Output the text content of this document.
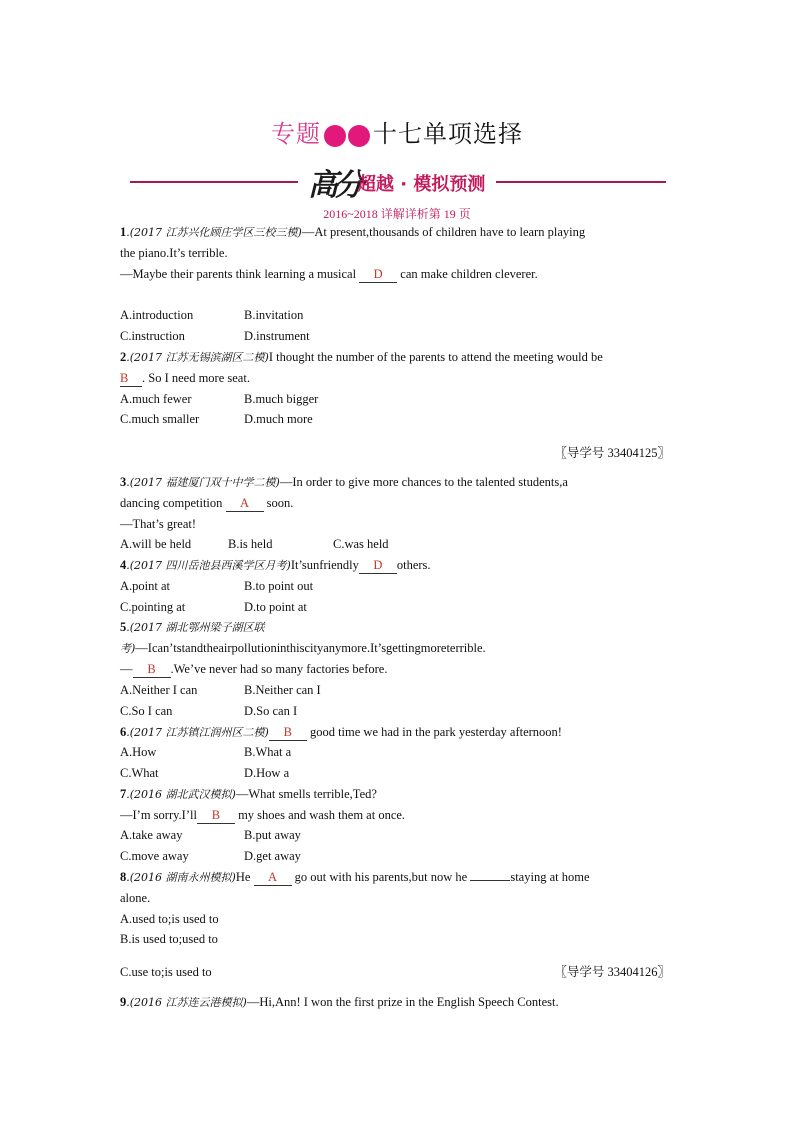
专题 十七单项选择
高分
超越 · 模拟预测
2016~2018 详解详析第 19 页
1.(2017 江苏兴化顾庄学区三校三模)—At present,thousands of children have to learn playing
the piano.It’s terrible.
—Maybe their parents think learning a musical D can make children cleverer.
A.introduction	B.invitation
C.instruction	D.instrument
2.(2017 江苏无锡滨湖区二模)I thought the number of the parents to attend the meeting would be
B . So I need more seat.
A.much fewer	B.much bigger
C.much smaller	D.much more
〖导学号 33404125〗
3.(2017 福建厦门双十中学二模)—In order to give more chances to the talented students,a
dancing competition A soon.
—That’s great!
A.will be held	B.is held	C.was held
4.(2017 四川岳池县西溪学区月考)It’sunfriendly D others.
A.point at	B.to point out
C.pointing at	D.to point at
5.(2017 湖北鄂州梁子湖区联
考)—Ican’tstandtheairpollutioninthiscityanymore.It’sgettingmoreterrible.
— B .We’ve never had so many factories before.
A.Neither I can	B.Neither can I
C.So I can	D.So can I
6.(2017 江苏镇江润州区二模) B good time we had in the park yesterday afternoon!
A.How	B.What a
C.What	D.How a
7.(2016 湖北武汉模拟)—What smells terrible,Ted?
—I’m sorry.I’ll B my shoes and wash them at once.
A.take away	B.put away
C.move away	D.get away
8.(2016 湖南永州模拟)He A go out with his parents,but now he	staying at home
alone.
A.used to;is used to
B.is used to;used to
C.use to;is used to	〖导学号 33404126〗
9.(2016 江苏连云港模拟)—Hi,Ann! I won the first prize in the English Speech Contest.
